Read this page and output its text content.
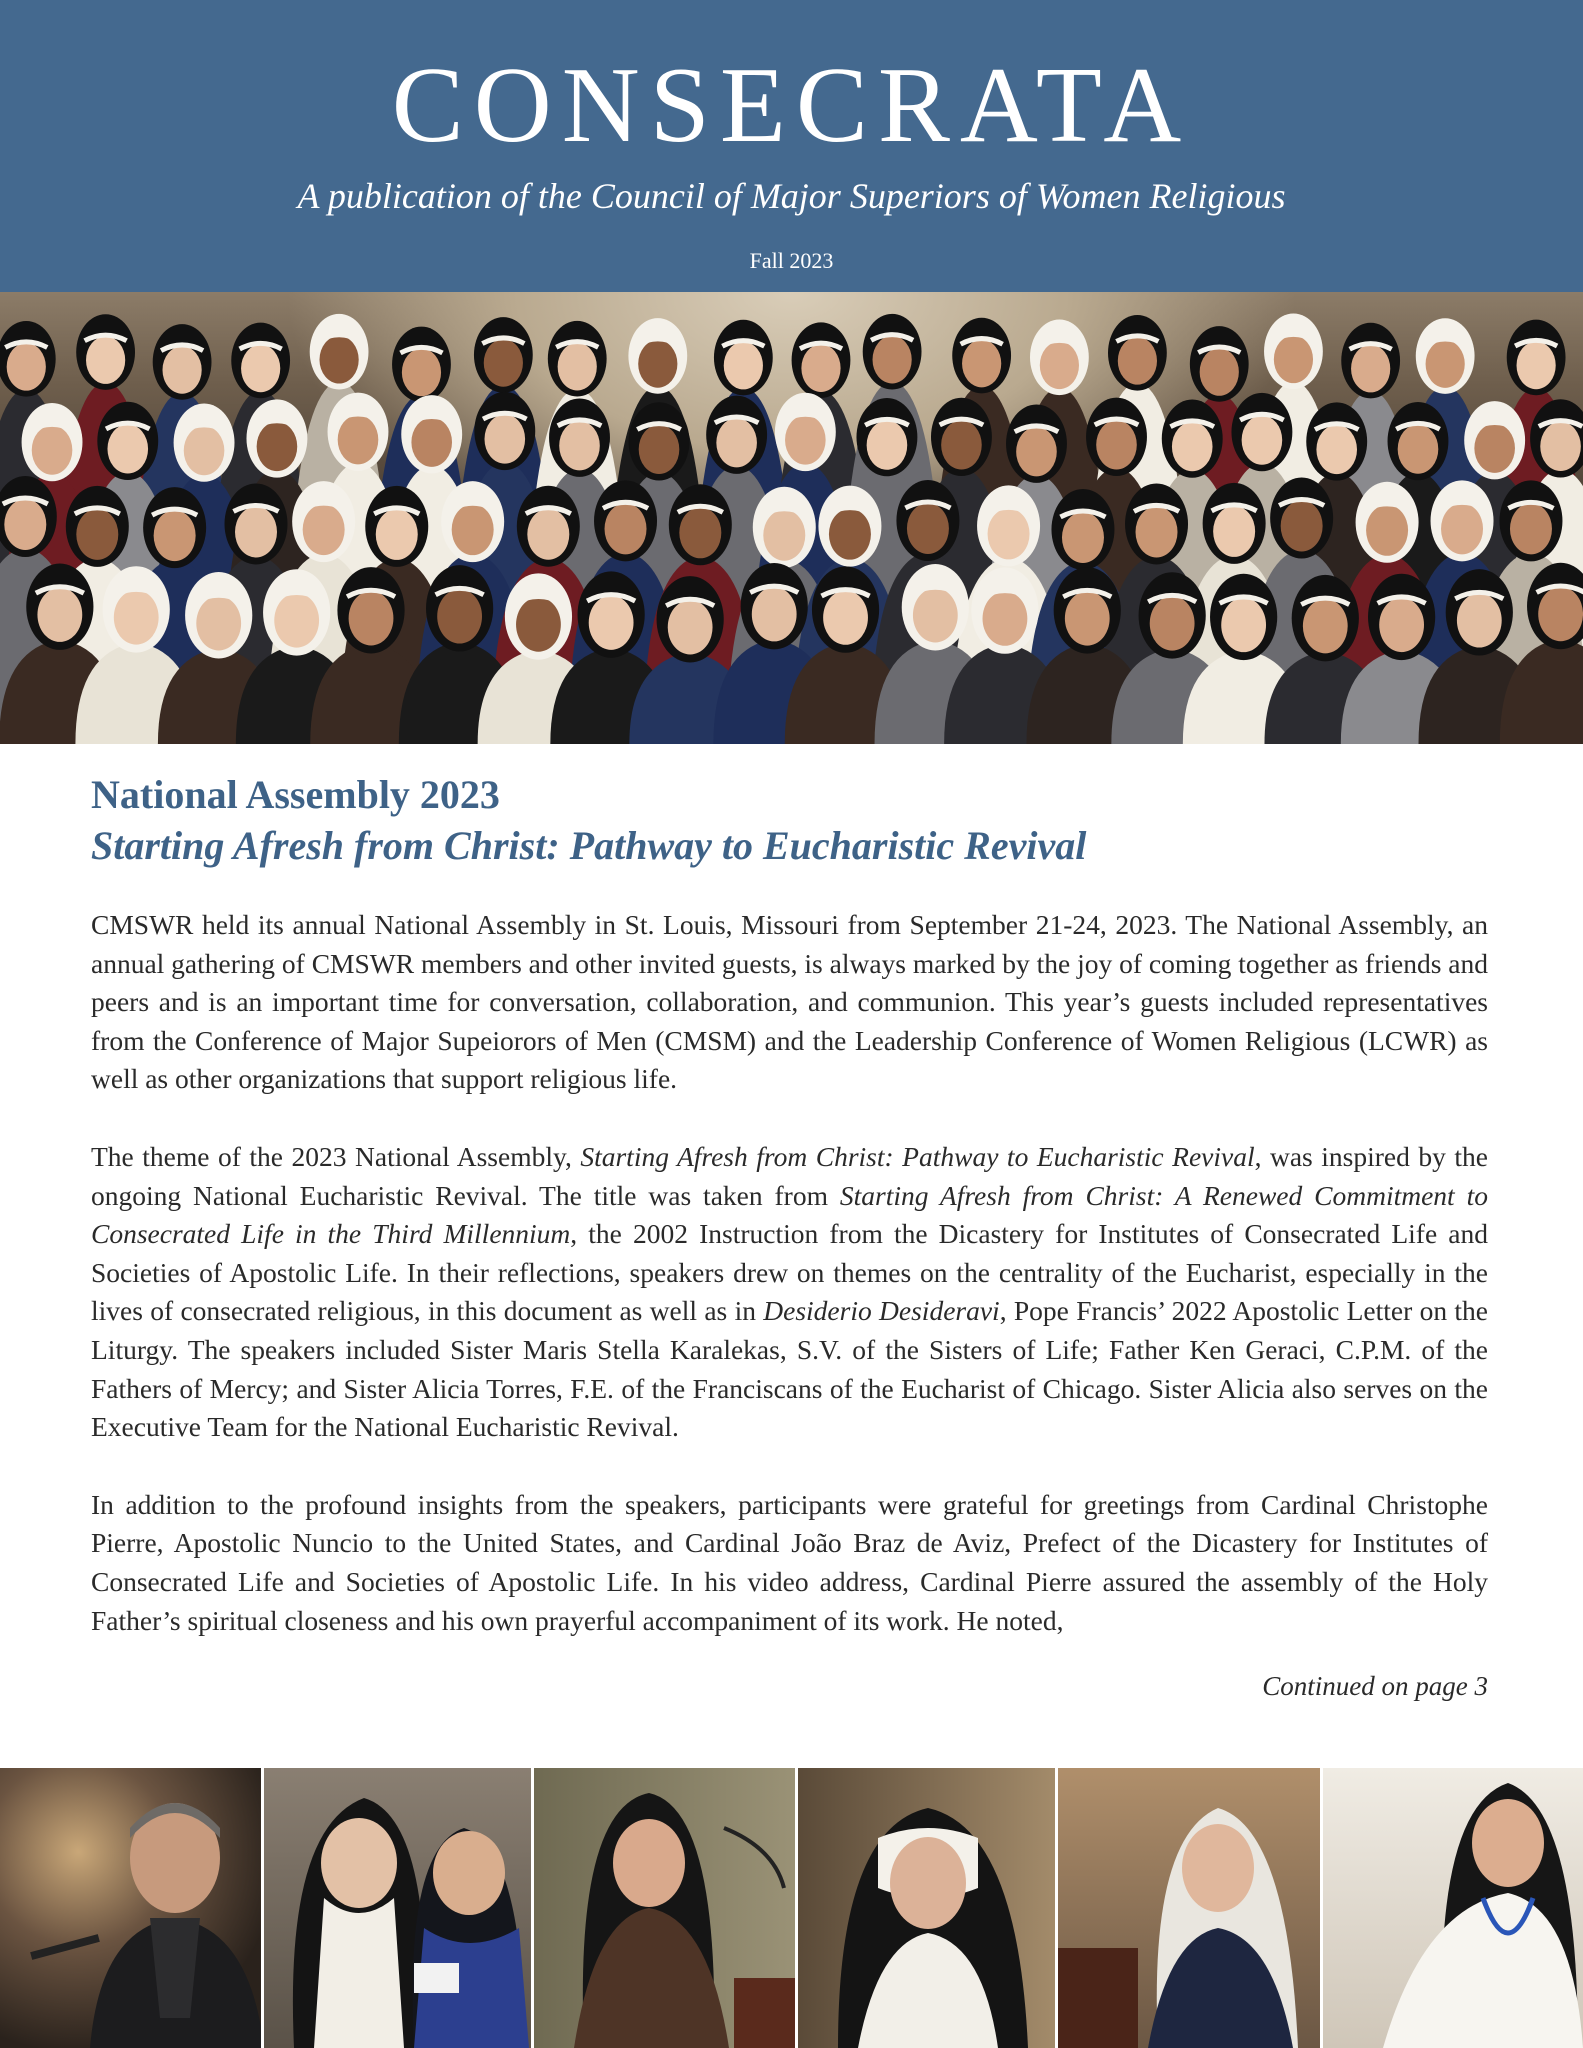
CONSECRATA
A publication of the Council of Major Superiors of Women Religious
Fall 2023
National Assembly 2023
Starting Afresh from Christ: Pathway to Eucharistic Revival

CMSWR held its annual National Assembly in St. Louis, Missouri from September 21-24, 2023. The National Assembly, an annual gathering of CMSWR members and other invited guests, is always marked by the joy of coming together as friends and peers and is an important time for conversation, collaboration, and communion. This year’s guests included representatives from the Conference of Major Supeiorors of Men (CMSM) and the Leadership Conference of Women Religious (LCWR) as well as other organizations that support religious life.

The theme of the 2023 National Assembly, Starting Afresh from Christ: Pathway to Eucharistic Revival, was inspired by the ongoing National Eucharistic Revival. The title was taken from Starting Afresh from Christ: A Renewed Commitment to Consecrated Life in the Third Millennium, the 2002 Instruction from the Dicastery for Institutes of Consecrated Life and Societies of Apostolic Life. In their reflections, speakers drew on themes on the centrality of the Eucharist, especially in the lives of consecrated religious, in this document as well as in Desiderio Desideravi, Pope Francis’ 2022 Apostolic Letter on the Liturgy. The speakers included Sister Maris Stella Karalekas, S.V. of the Sisters of Life; Father Ken Geraci, C.P.M. of the Fathers of Mercy; and Sister Alicia Torres, F.E. of the Franciscans of the Eucharist of Chicago. Sister Alicia also serves on the Executive Team for the National Eucharistic Revival.

In addition to the profound insights from the speakers, participants were grateful for greetings from Cardinal Christophe Pierre, Apostolic Nuncio to the United States, and Cardinal João Braz de Aviz, Prefect of the Dicastery for Institutes of Consecrated Life and Societies of Apostolic Life. In his video address, Cardinal Pierre assured the assembly of the Holy Father’s spiritual closeness and his own prayerful accompaniment of its work. He noted,

Continued on page 3
